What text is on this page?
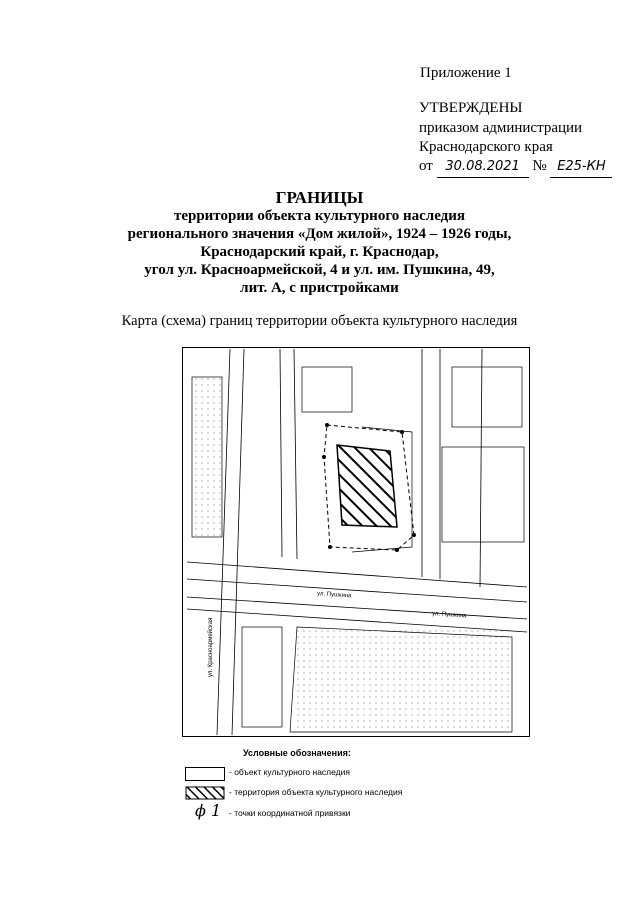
Приложение 1
УТВЕРЖДЕНЫ
приказом администрации
Краснодарского края
от 30.08.2021 № Е25-КН
ГРАНИЦЫ
территории объекта культурного наследия
регионального значения «Дом жилой», 1924 – 1926 годы,
Краснодарский край, г. Краснодар,
угол ул. Красноармейской, 4 и ул. им. Пушкина, 49,
лит. А, с пристройками
Карта (схема) границ территории объекта культурного наследия
ул. Пушкина
ул. Пушкина
ул. Красноармейская
Условные обозначения:
- объект культурного наследия
- территория объекта культурного наследия
ϕ 1 - точки координатной привязки
